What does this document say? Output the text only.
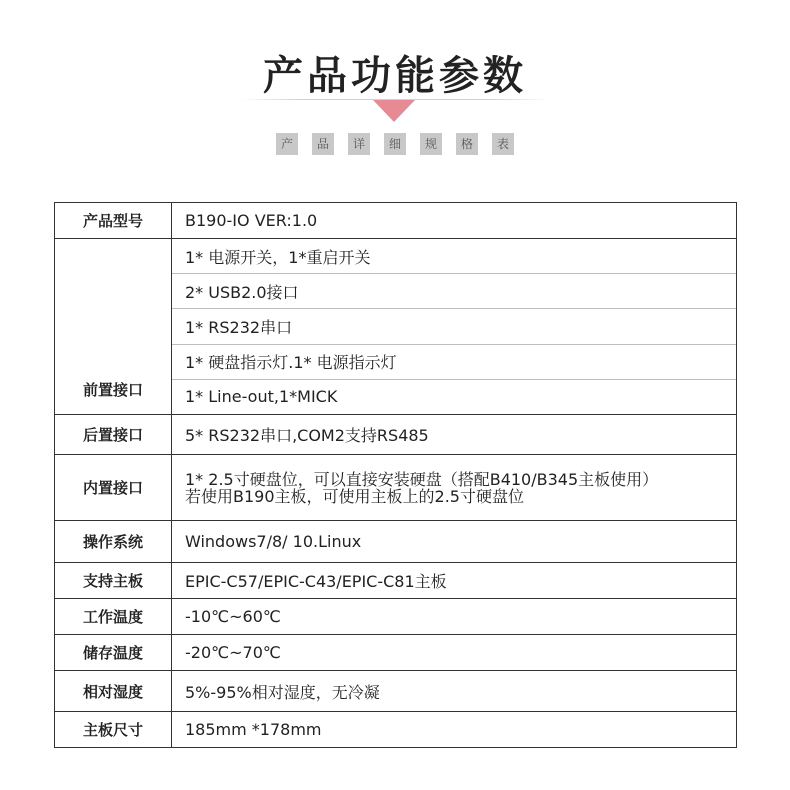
产品功能参数
产	品	详	细	规	格	表
产品型号	B190-IO VER:1.0

前置接口	1* 电源开关，1*重启开关
2* USB2.0接口
1* RS232串口
1* 硬盘指示灯.1* 电源指示灯
1* Line-out,1*MICK

后置接口	5* RS232串口,COM2支持RS485
内置接口	1* 2.5寸硬盘位，可以直接安装硬盘（搭配B410/B345主板使用）
若使用B190主板，可使用主板上的2.5寸硬盘位

操作系统	Windows7/8/ 10.Linux
支持主板	EPIC-C57/EPIC-C43/EPIC-C81主板
工作温度	-10℃~60℃
储存温度	-20℃~70℃
相对湿度	5%-95%相对湿度，无冷凝
主板尺寸	185mm *178mm
